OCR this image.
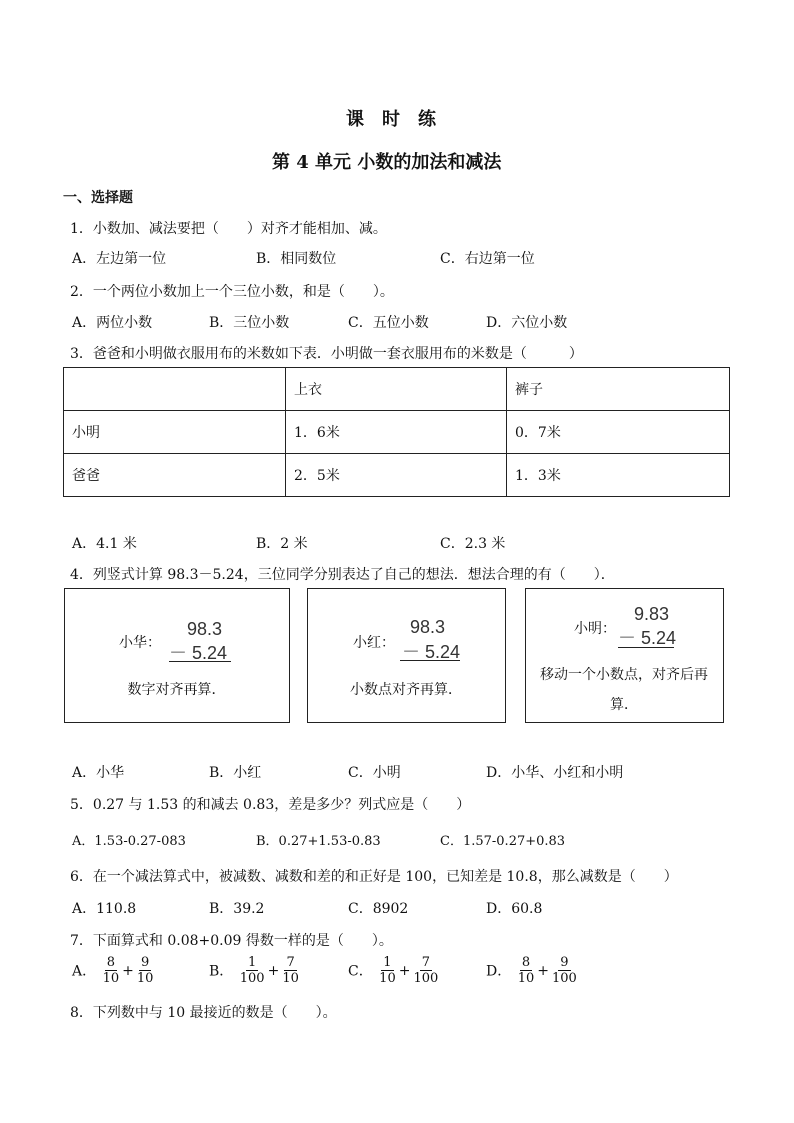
课　时　练
第 4 单元 小数的加法和减法
一、选择题
1．小数加、减法要把（　　）对齐才能相加、减。
A．左边第一位	B．相同数位	C．右边第一位
2．一个两位小数加上一个三位小数，和是（　　）。
A．两位小数	B．三位小数	C．五位小数	D．六位小数
3．爸爸和小明做衣服用布的米数如下表．小明做一套衣服用布的米数是（　　　）
	上衣	裤子
小明	1．6米	0．7米
爸爸	2．5米	1．3米
A．4.1 米	B．2 米	C．2.3 米
4．列竖式计算 98.3－5.24，三位同学分别表达了自己的想法．想法合理的有（　　）．
小华：
98.3
－ 5.24
数字对齐再算．
小红：
98.3
－ 5.24
小数点对齐再算．
小明：
9.83
－ 5.24
移动一个小数点，对齐后再
算．
A．小华	B．小红	C．小明	D．小华、小红和小明
5．0.27 与 1.53 的和减去 0.83，差是多少？列式应是（　　）
A．1.53-0.27-083	B．0.27+1.53-0.83	C．1.57-0.27+0.83
6．在一个减法算式中，被减数、减数和差的和正好是 100，已知差是 10.8，那么减数是（　　）
A．110.8	B．39.2	C．8902	D．60.8
7．下面算式和 0.08+0.09 得数一样的是（　　）。
A． $\frac{8}{10} + \frac{9}{10}$	B． $\frac{1}{100} + \frac{7}{10}$	C． $\frac{1}{10} + \frac{7}{100}$	D． $\frac{8}{10} + \frac{9}{100}$
8．下列数中与 10 最接近的数是（　　）。
